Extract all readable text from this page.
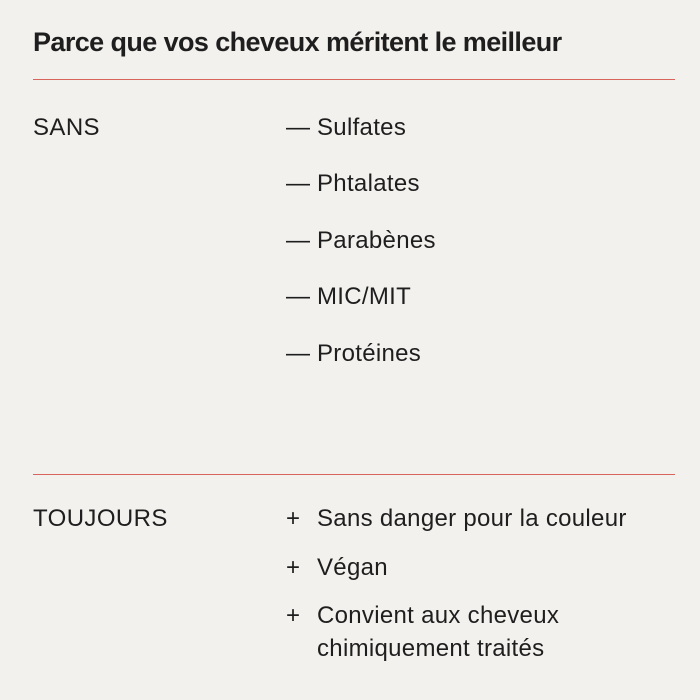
Parce que vos cheveux méritent le meilleur
SANS	— Sulfates
— Phtalates
— Parabènes
— MIC/MIT
— Protéines
TOUJOURS	+ Sans danger pour la couleur
+ Végan
+ Convient aux cheveux chimiquement traités
